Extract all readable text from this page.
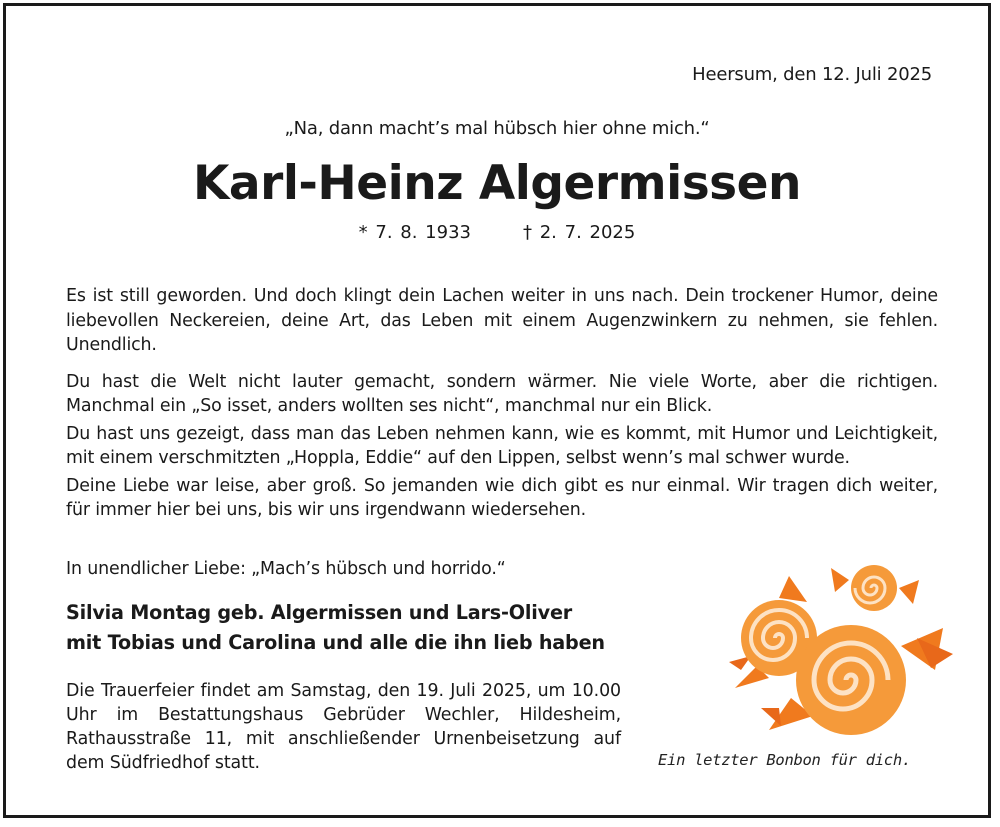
Heersum, den 12. Juli 2025
„Na, dann macht’s mal hübsch hier ohne mich.“
Karl-Heinz Algermissen
* 7. 8. 1933	† 2. 7. 2025

Es ist still geworden. Und doch klingt dein Lachen weiter in uns nach. Dein trockener Humor, deine liebevollen Neckereien, deine Art, das Leben mit einem Augenzwinkern zu nehmen, sie fehlen. Unendlich.

Du hast die Welt nicht lauter gemacht, sondern wärmer. Nie viele Worte, aber die richtigen. Manchmal ein „So isset, anders wollten ses nicht“, manchmal nur ein Blick.

Du hast uns gezeigt, dass man das Leben nehmen kann, wie es kommt, mit Humor und Leichtigkeit, mit einem verschmitzten „Hoppla, Eddie“ auf den Lippen, selbst wenn’s mal schwer wurde.

Deine Liebe war leise, aber groß. So jemanden wie dich gibt es nur einmal. Wir tragen dich weiter, für immer hier bei uns, bis wir uns irgendwann wiedersehen.

In unendlicher Liebe: „Mach’s hübsch und horrido.“
Silvia Montag geb. Algermissen und Lars-Oliver
mit Tobias und Carolina und alle die ihn lieb haben
Die Trauerfeier findet am Samstag, den 19. Juli 2025, um 10.00 Uhr im Bestattungshaus Gebrüder Wechler, Hildesheim, Rathausstraße 11, mit anschließender Urnenbeisetzung auf dem Südfriedhof statt.	Ein letzter Bonbon für dich.
